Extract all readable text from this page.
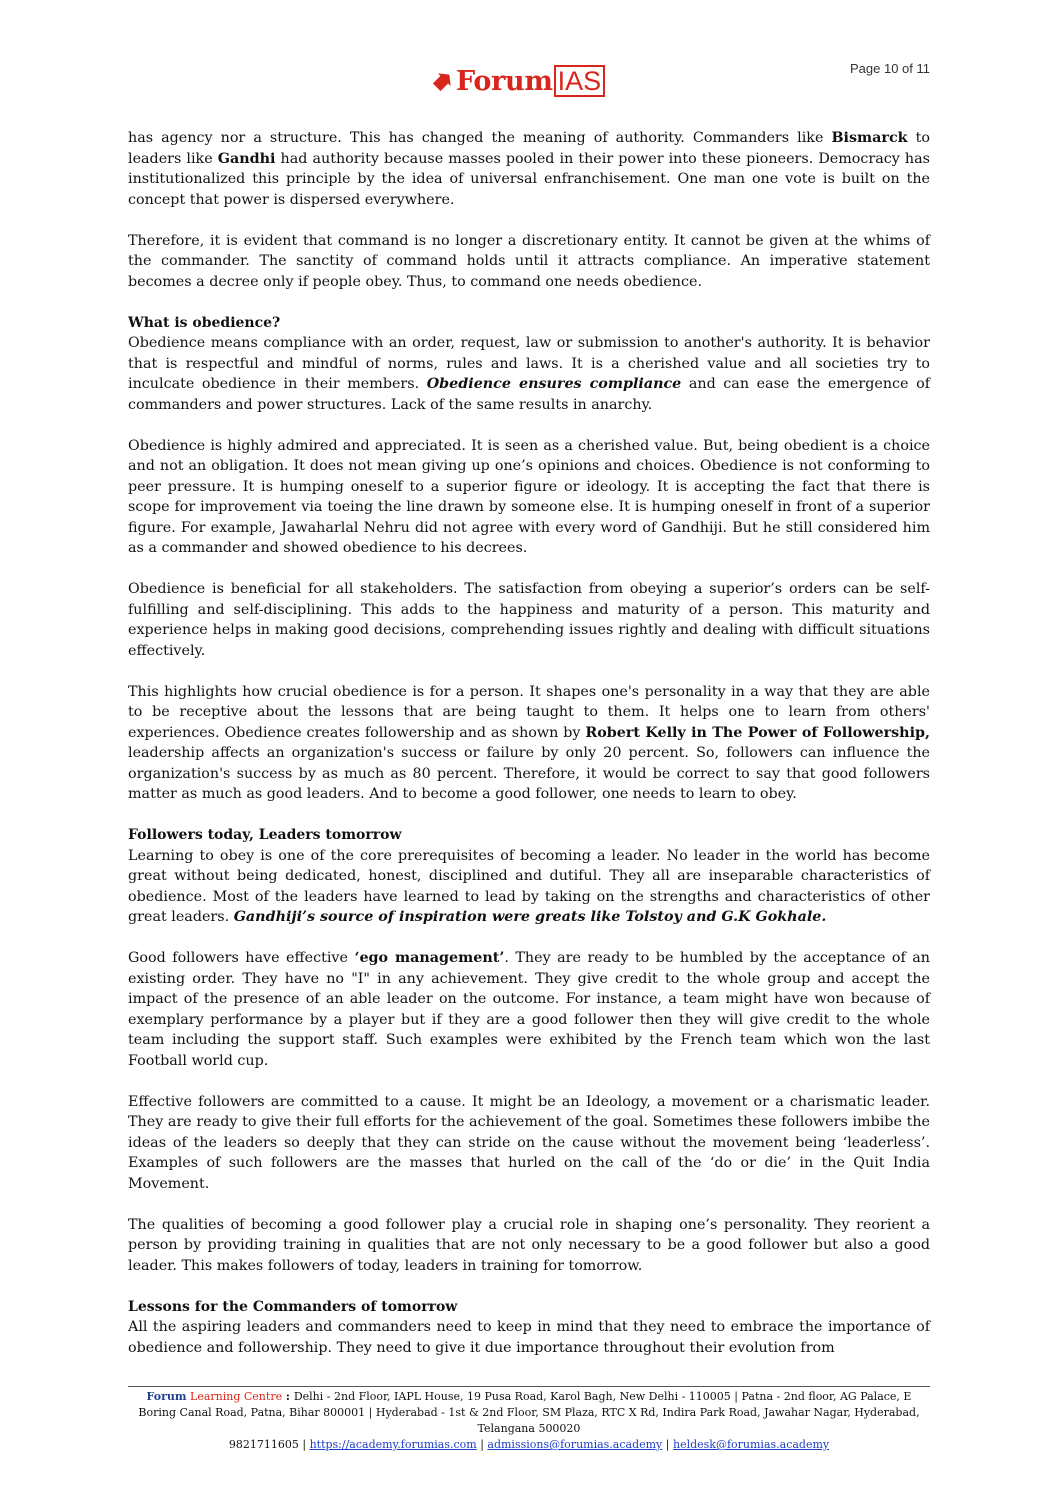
Forum IAS	Page 10 of 11

has agency nor a structure. This has changed the meaning of authority. Commanders like Bismarck to leaders like Gandhi had authority because masses pooled in their power into these pioneers. Democracy has institutionalized this principle by the idea of universal enfranchisement. One man one vote is built on the concept that power is dispersed everywhere.

Therefore, it is evident that command is no longer a discretionary entity. It cannot be given at the whims of the commander. The sanctity of command holds until it attracts compliance. An imperative statement becomes a decree only if people obey. Thus, to command one needs obedience.

What is obedience?

Obedience means compliance with an order, request, law or submission to another's authority. It is behavior that is respectful and mindful of norms, rules and laws. It is a cherished value and all societies try to inculcate obedience in their members. Obedience ensures compliance and can ease the emergence of commanders and power structures. Lack of the same results in anarchy.

Obedience is highly admired and appreciated. It is seen as a cherished value. But, being obedient is a choice and not an obligation. It does not mean giving up one’s opinions and choices. Obedience is not conforming to peer pressure. It is humping oneself to a superior figure or ideology. It is accepting the fact that there is scope for improvement via toeing the line drawn by someone else. It is humping oneself in front of a superior figure. For example, Jawaharlal Nehru did not agree with every word of Gandhiji. But he still considered him as a commander and showed obedience to his decrees.

Obedience is beneficial for all stakeholders. The satisfaction from obeying a superior’s orders can be self-fulfilling and self-disciplining. This adds to the happiness and maturity of a person. This maturity and experience helps in making good decisions, comprehending issues rightly and dealing with difficult situations effectively.

This highlights how crucial obedience is for a person. It shapes one's personality in a way that they are able to be receptive about the lessons that are being taught to them. It helps one to learn from others' experiences. Obedience creates followership and as shown by Robert Kelly in The Power of Followership, leadership affects an organization's success or failure by only 20 percent. So, followers can influence the organization's success by as much as 80 percent. Therefore, it would be correct to say that good followers matter as much as good leaders. And to become a good follower, one needs to learn to obey.

Followers today, Leaders tomorrow

Learning to obey is one of the core prerequisites of becoming a leader. No leader in the world has become great without being dedicated, honest, disciplined and dutiful. They all are inseparable characteristics of obedience. Most of the leaders have learned to lead by taking on the strengths and characteristics of other great leaders. Gandhiji’s source of inspiration were greats like Tolstoy and G.K Gokhale.

Good followers have effective ‘ego management’. They are ready to be humbled by the acceptance of an existing order. They have no "I" in any achievement. They give credit to the whole group and accept the impact of the presence of an able leader on the outcome. For instance, a team might have won because of exemplary performance by a player but if they are a good follower then they will give credit to the whole team including the support staff. Such examples were exhibited by the French team which won the last Football world cup.

Effective followers are committed to a cause. It might be an Ideology, a movement or a charismatic leader. They are ready to give their full efforts for the achievement of the goal. Sometimes these followers imbibe the ideas of the leaders so deeply that they can stride on the cause without the movement being ‘leaderless’. Examples of such followers are the masses that hurled on the call of the ‘do or die’ in the Quit India Movement.

The qualities of becoming a good follower play a crucial role in shaping one’s personality. They reorient a person by providing training in qualities that are not only necessary to be a good follower but also a good leader. This makes followers of today, leaders in training for tomorrow.

Lessons for the Commanders of tomorrow

All the aspiring leaders and commanders need to keep in mind that they need to embrace the importance of obedience and followership. They need to give it due importance throughout their evolution from

Forum Learning Centre : Delhi - 2nd Floor, IAPL House, 19 Pusa Road, Karol Bagh, New Delhi - 110005 | Patna - 2nd floor, AG Palace, E Boring Canal Road, Patna, Bihar 800001 | Hyderabad - 1st & 2nd Floor, SM Plaza, RTC X Rd, Indira Park Road, Jawahar Nagar, Hyderabad, Telangana 500020
9821711605 | https://academy.forumias.com | admissions@forumias.academy | heldesk@forumias.academy
